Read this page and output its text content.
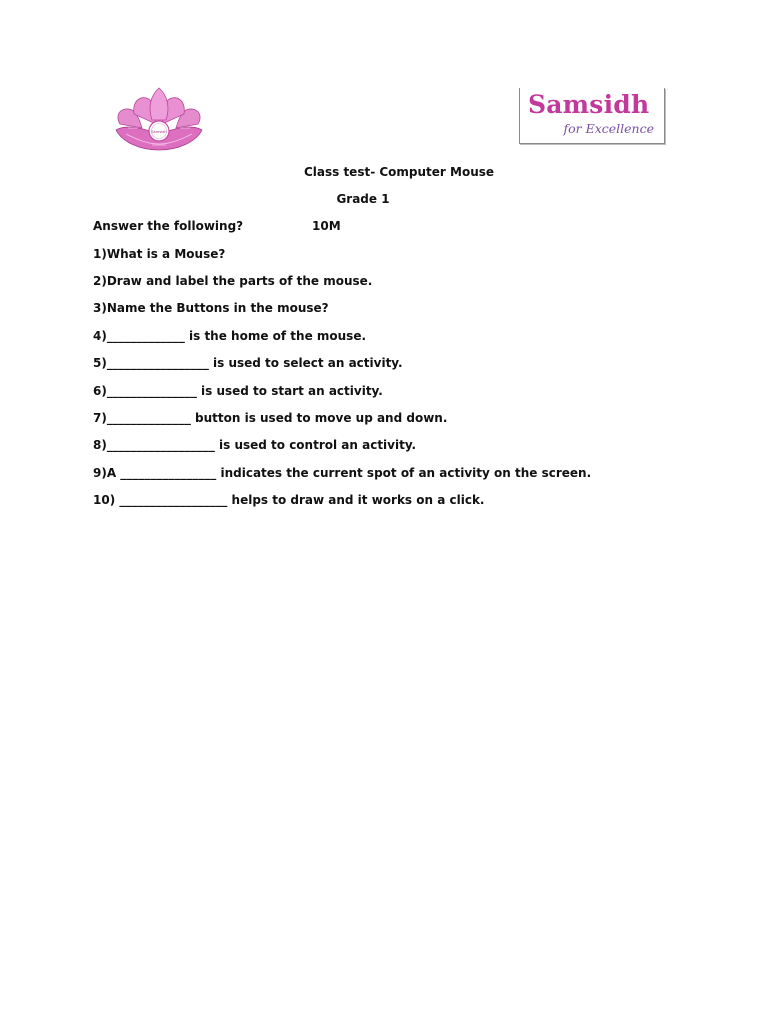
Samsidh
Samsidh
for Excellence
Class test- Computer Mouse
Grade 1
Answer the following?	10M
1)What is a Mouse?
2)Draw and label the parts of the mouse.
3)Name the Buttons in the mouse?
4)_____________ is the home of the mouse.
5)_________________ is used to select an activity.
6)_______________ is used to start an activity.
7)______________ button is used to move up and down.
8)__________________ is used to control an activity.
9)A ________________ indicates the current spot of an activity on the screen.
10) __________________ helps to draw and it works on a click.
